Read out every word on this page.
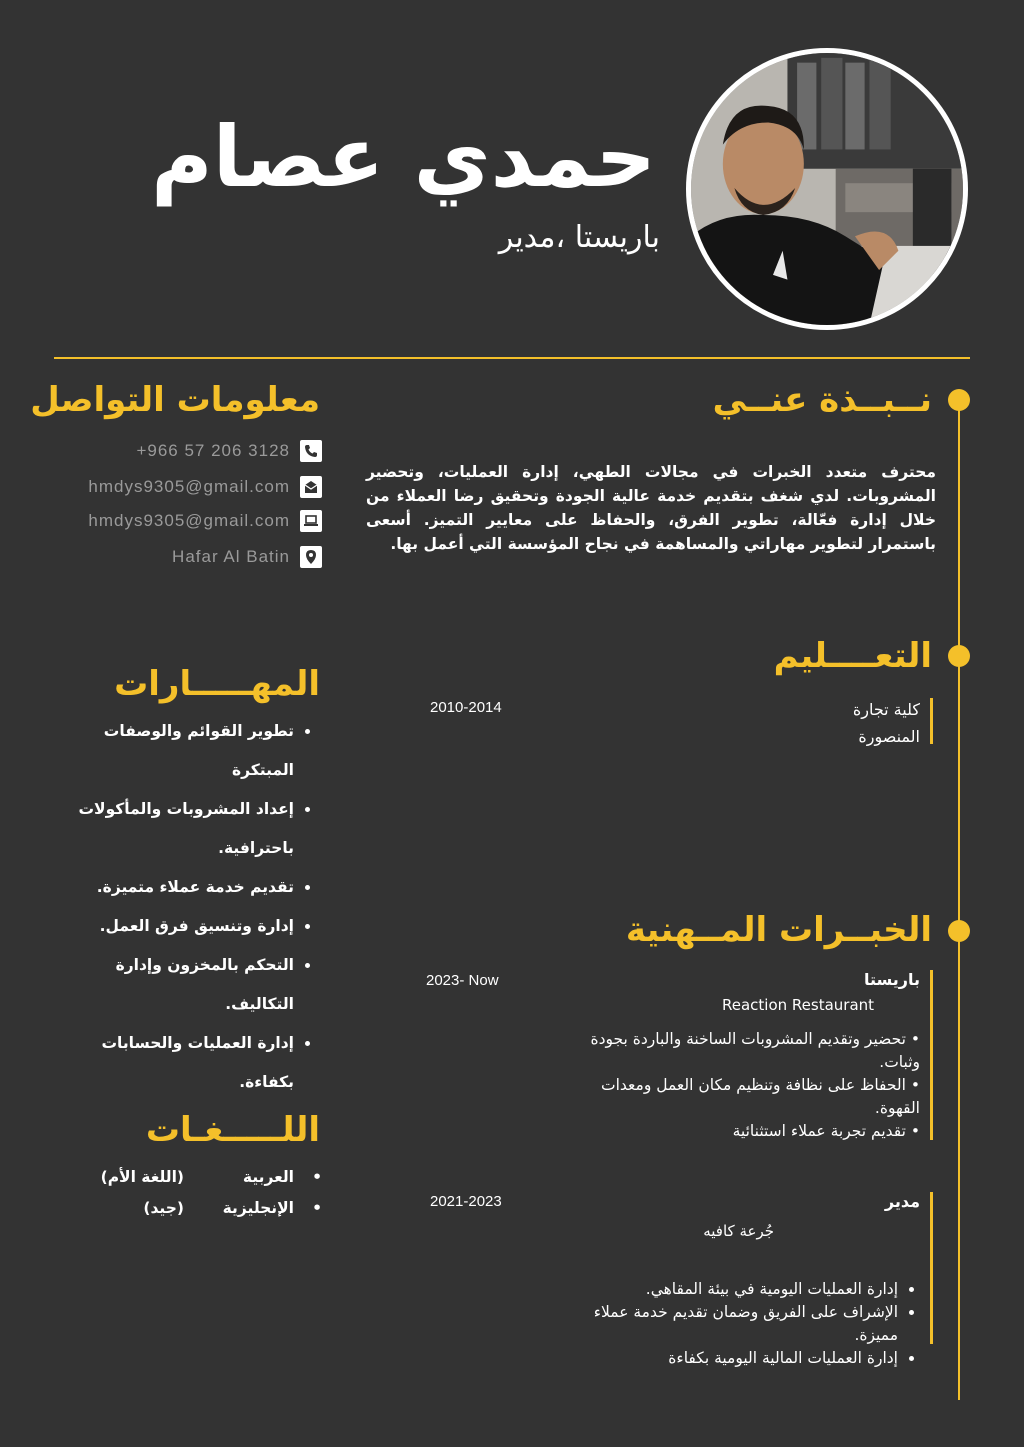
حمدي عصام
باريستا ،مدير
نــبــذة عنــي
محترف متعدد الخبرات في مجالات الطهي، إدارة العمليات، وتحضير المشروبات. لدي شغف بتقديم خدمة عالية الجودة وتحقيق رضا العملاء من خلال إدارة فعّالة، تطوير الفرق، والحفاظ على معايير التميز. أسعى باستمرار لتطوير مهاراتي والمساهمة في نجاح المؤسسة التي أعمل بها.
التعــــليم
كلية تجارة
المنصورة
2010-2014
الخبــرات المــهنية
باريستا
Reaction Restaurant
2023- Now
• تحضير وتقديم المشروبات الساخنة والباردة بجودة وثبات.
• الحفاظ على نظافة وتنظيم مكان العمل ومعدات القهوة.
• تقديم تجربة عملاء استثنائية
مدير
جُرعة كافيه
2021-2023
• إدارة العمليات اليومية في بيئة المقاهي.
• الإشراف على الفريق وضمان تقديم خدمة عملاء مميزة.
• إدارة العمليات المالية اليومية بكفاءة
معلومات التواصل
+966 57 206 3128
hmdys9305@gmail.com
hmdys9305@gmail.com
Hafar Al Batin
المهـــــارات
• تطوير القوائم والوصفات المبتكرة
• إعداد المشروبات والمأكولات باحترافية.
• تقديم خدمة عملاء متميزة.
• إدارة وتنسيق فرق العمل.
• التحكم بالمخزون وإدارة التكاليف.
• إدارة العمليات والحسابات بكفاءة.
اللـــــغـات
•
العربية
(اللغة الأم)
•
الإنجليزية
(جيد)
